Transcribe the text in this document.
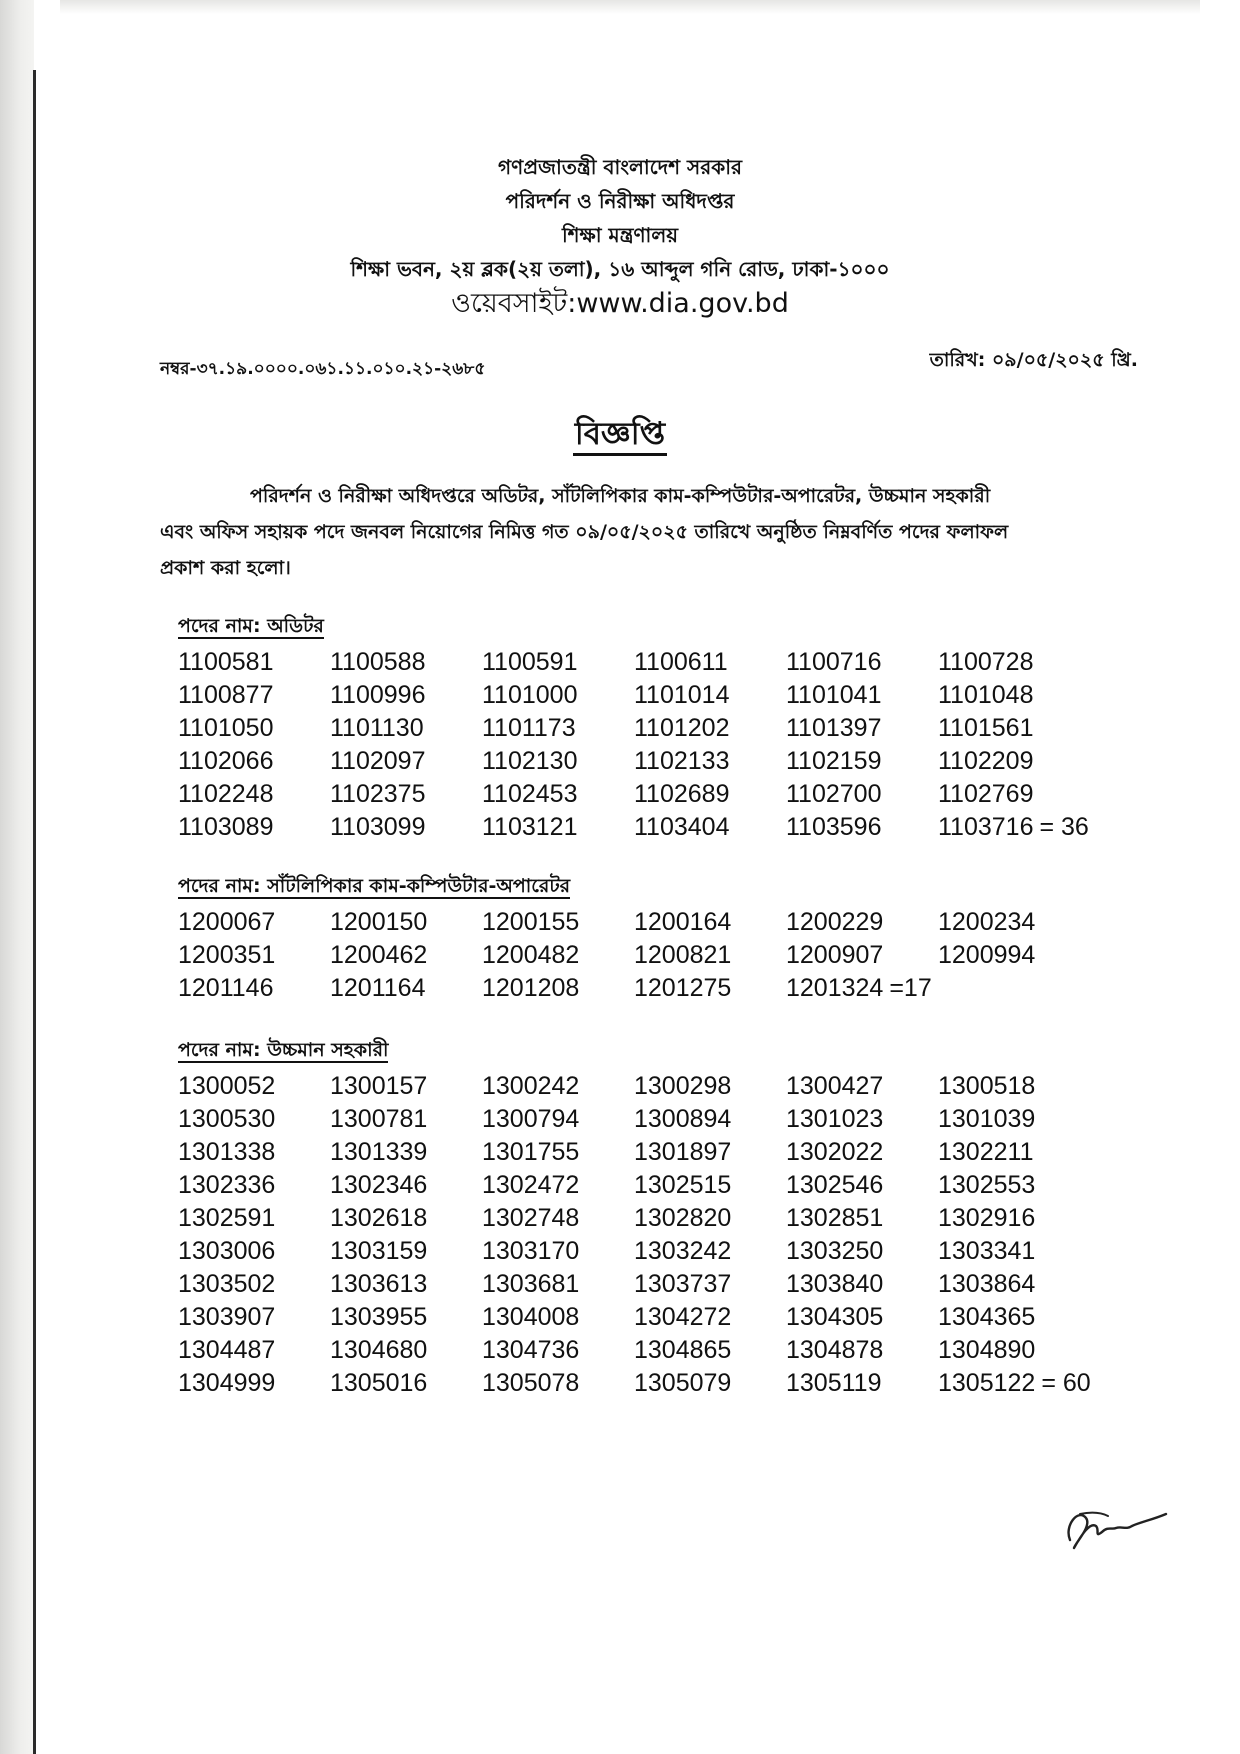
গণপ্রজাতন্ত্রী বাংলাদেশ সরকার
পরিদর্শন ও নিরীক্ষা অধিদপ্তর
শিক্ষা মন্ত্রণালয়
শিক্ষা ভবন, ২য় ব্লক(২য় তলা), ১৬ আব্দুল গনি রোড, ঢাকা-১০০০
ওয়েবসাইট:www.dia.gov.bd
নম্বর-৩৭.১৯.০০০০.০৬১.১১.০১০.২১-২৬৮৫	তারিখ: ০৯/০৫/২০২৫ খ্রি.
বিজ্ঞপ্তি
পরিদর্শন ও নিরীক্ষা অধিদপ্তরে অডিটর, সাঁটলিপিকার কাম-কম্পিউটার-অপারেটর, উচ্চমান সহকারী
এবং অফিস সহায়ক পদে জনবল নিয়োগের নিমিত্ত গত ০৯/০৫/২০২৫ তারিখে অনুষ্ঠিত নিম্নবর্ণিত পদের ফলাফল
প্রকাশ করা হলো।
পদের নাম: অডিটর
1100581	1100588	1100591	1100611	1100716	1100728
1100877	1100996	1101000	1101014	1101041	1101048
1101050	1101130	1101173	1101202	1101397	1101561
1102066	1102097	1102130	1102133	1102159	1102209
1102248	1102375	1102453	1102689	1102700	1102769
1103089	1103099	1103121	1103404	1103596	1103716 = 36
পদের নাম: সাঁটলিপিকার কাম-কম্পিউটার-অপারেটর
1200067	1200150	1200155	1200164	1200229	1200234
1200351	1200462	1200482	1200821	1200907	1200994
1201146	1201164	1201208	1201275	1201324 =17
পদের নাম: উচ্চমান সহকারী
1300052	1300157	1300242	1300298	1300427	1300518
1300530	1300781	1300794	1300894	1301023	1301039
1301338	1301339	1301755	1301897	1302022	1302211
1302336	1302346	1302472	1302515	1302546	1302553
1302591	1302618	1302748	1302820	1302851	1302916
1303006	1303159	1303170	1303242	1303250	1303341
1303502	1303613	1303681	1303737	1303840	1303864
1303907	1303955	1304008	1304272	1304305	1304365
1304487	1304680	1304736	1304865	1304878	1304890
1304999	1305016	1305078	1305079	1305119	1305122 = 60
